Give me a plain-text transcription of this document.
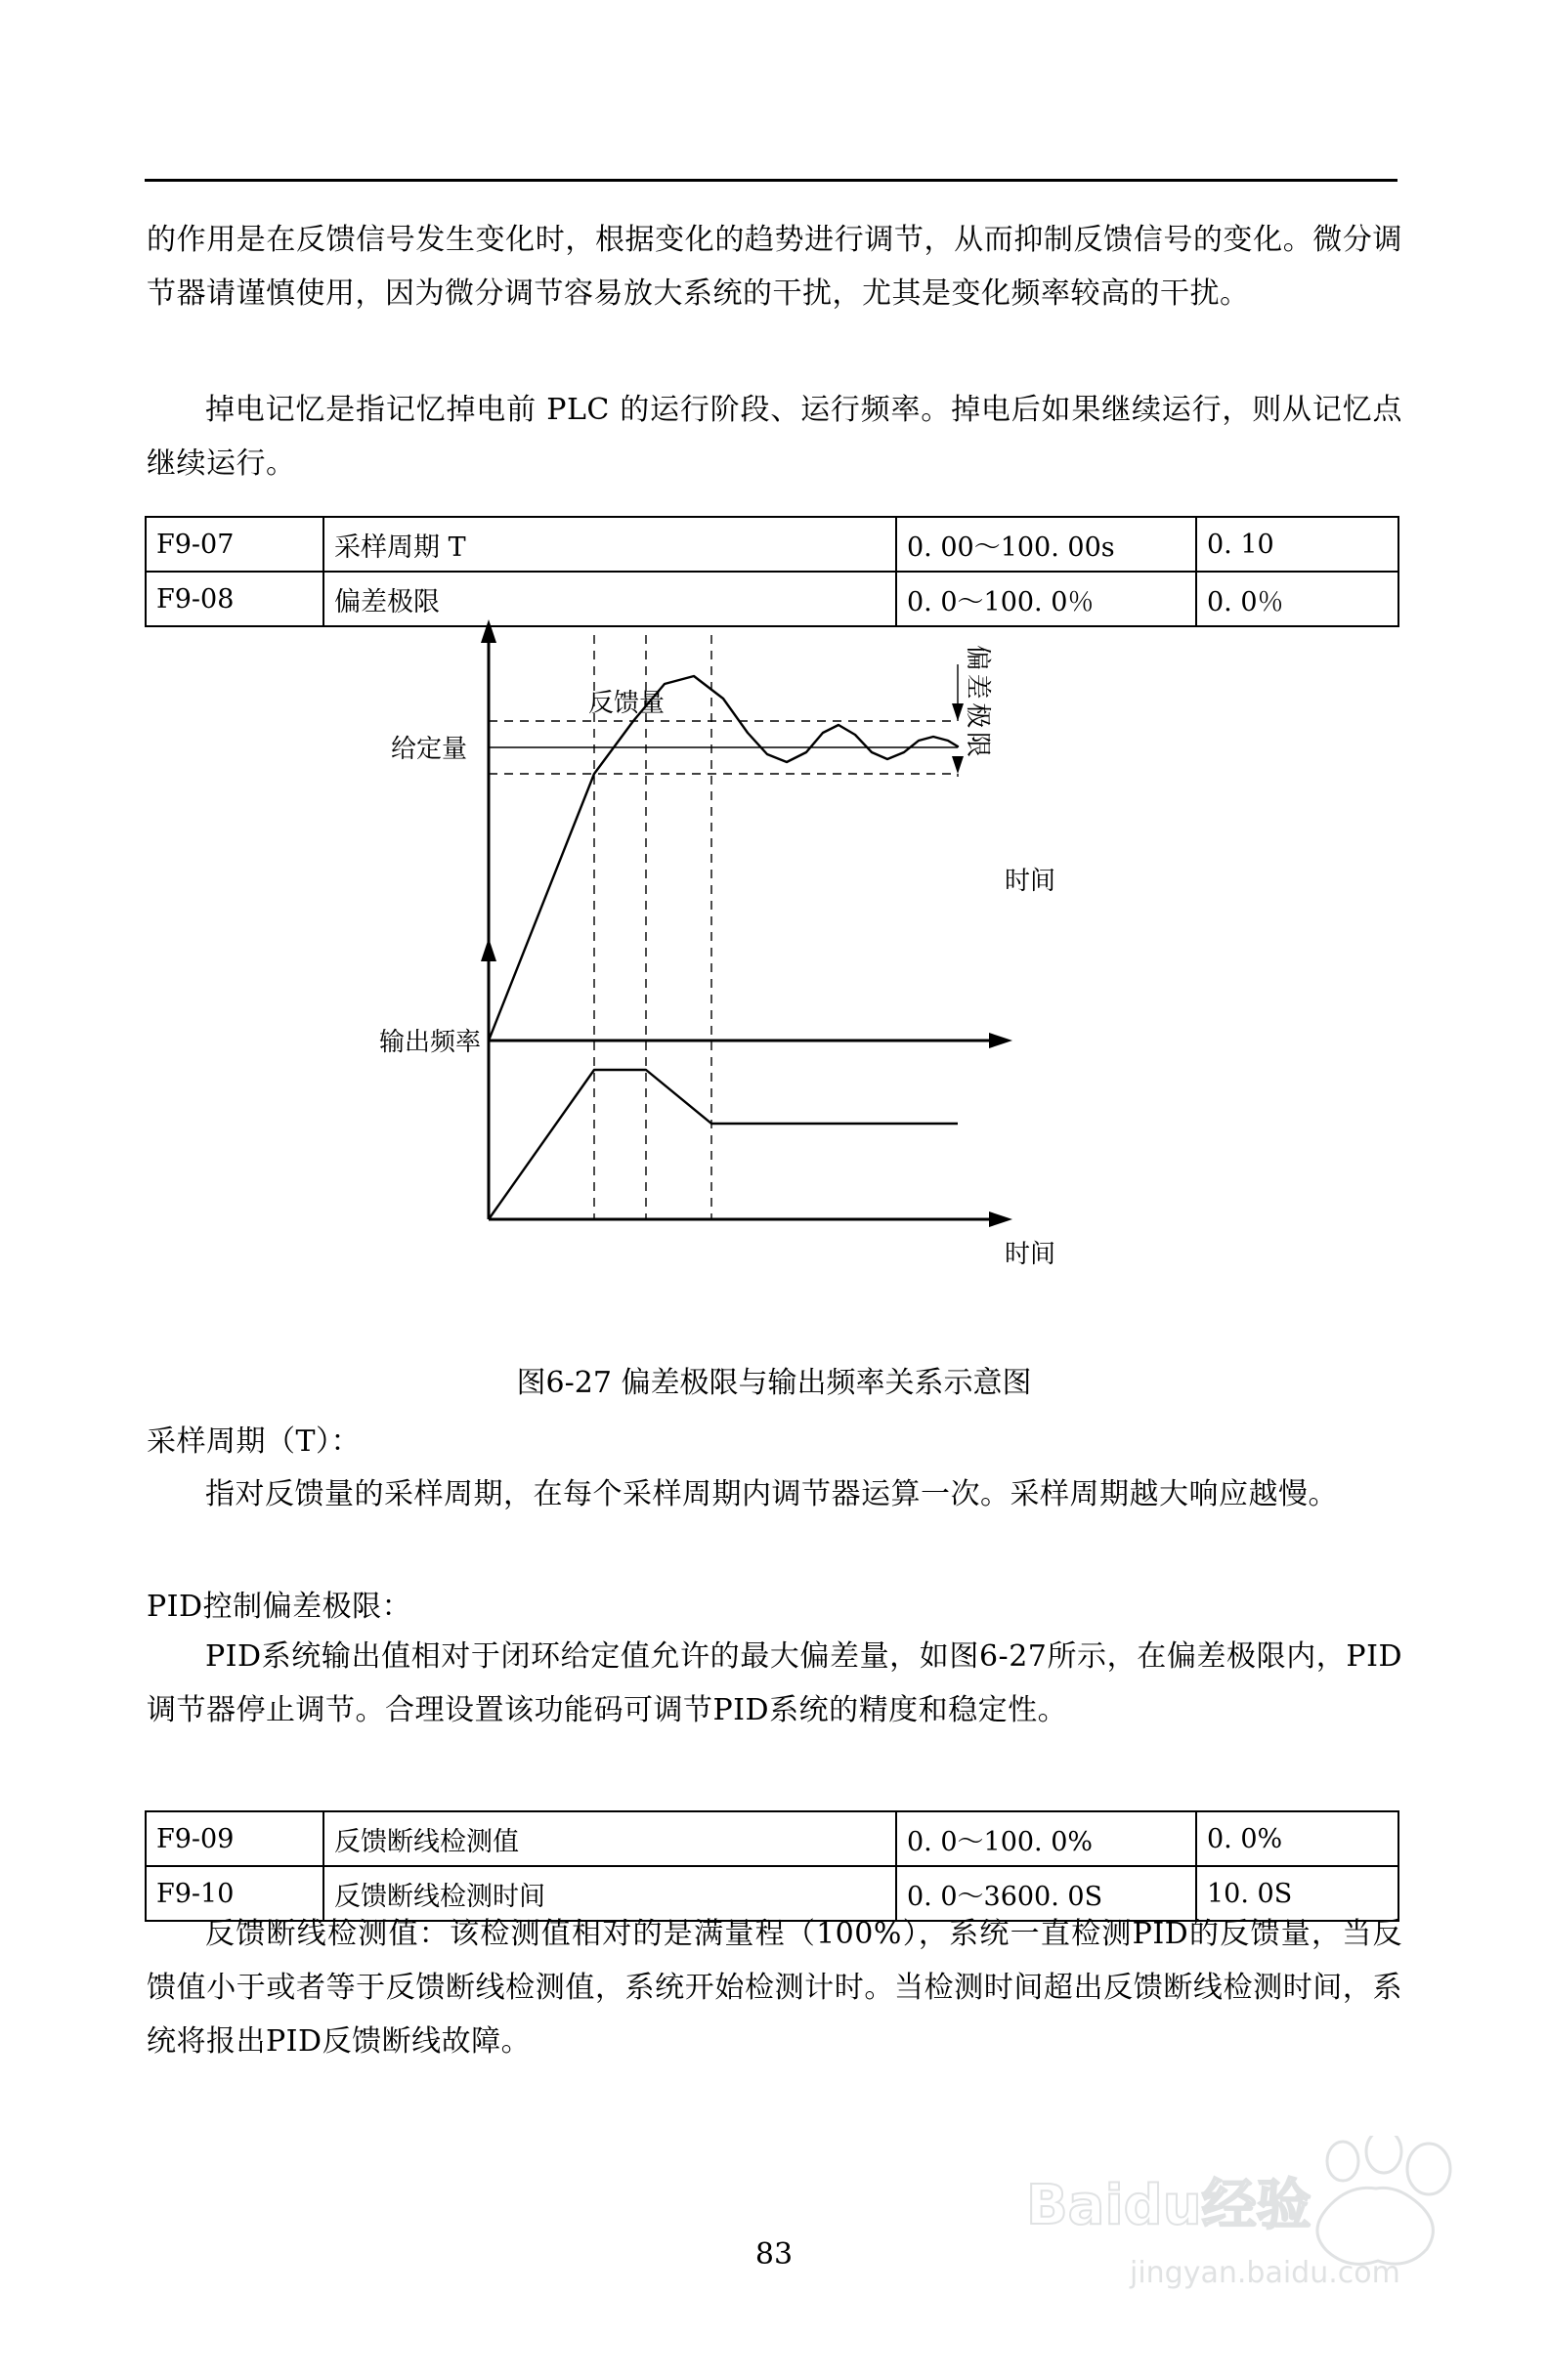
的作用是在反馈信号发生变化时，根据变化的趋势进行调节，从而抑制反馈信号的变化。微分调节器请谨慎使用，因为微分调节容易放大系统的干扰，尤其是变化频率较高的干扰。
掉电记忆是指记忆掉电前 PLC 的运行阶段、运行频率。掉电后如果继续运行，则从记忆点继续运行。
F9-07	采样周期 T	0. 00～100. 00s	0. 10
F9-08	偏差极限	0. 0～100. 0％	0. 0％
反馈量
给定量
时间
偏差极限
输出频率
时间
图6-27 偏差极限与输出频率关系示意图
采样周期（T）：
指对反馈量的采样周期，在每个采样周期内调节器运算一次。采样周期越大响应越慢。
PID控制偏差极限：
PID系统输出值相对于闭环给定值允许的最大偏差量，如图6-27所示，在偏差极限内，PID调节器停止调节。合理设置该功能码可调节PID系统的精度和稳定性。
F9-09	反馈断线检测值	0. 0～100. 0%	0. 0%
F9-10	反馈断线检测时间	0. 0～3600. 0S	10. 0S
反馈断线检测值：该检测值相对的是满量程（100%），系统一直检测PID的反馈量，当反馈值小于或者等于反馈断线检测值，系统开始检测计时。当检测时间超出反馈断线检测时间，系统将报出PID反馈断线故障。
83
Baidu经验
jingyan.baidu.com
